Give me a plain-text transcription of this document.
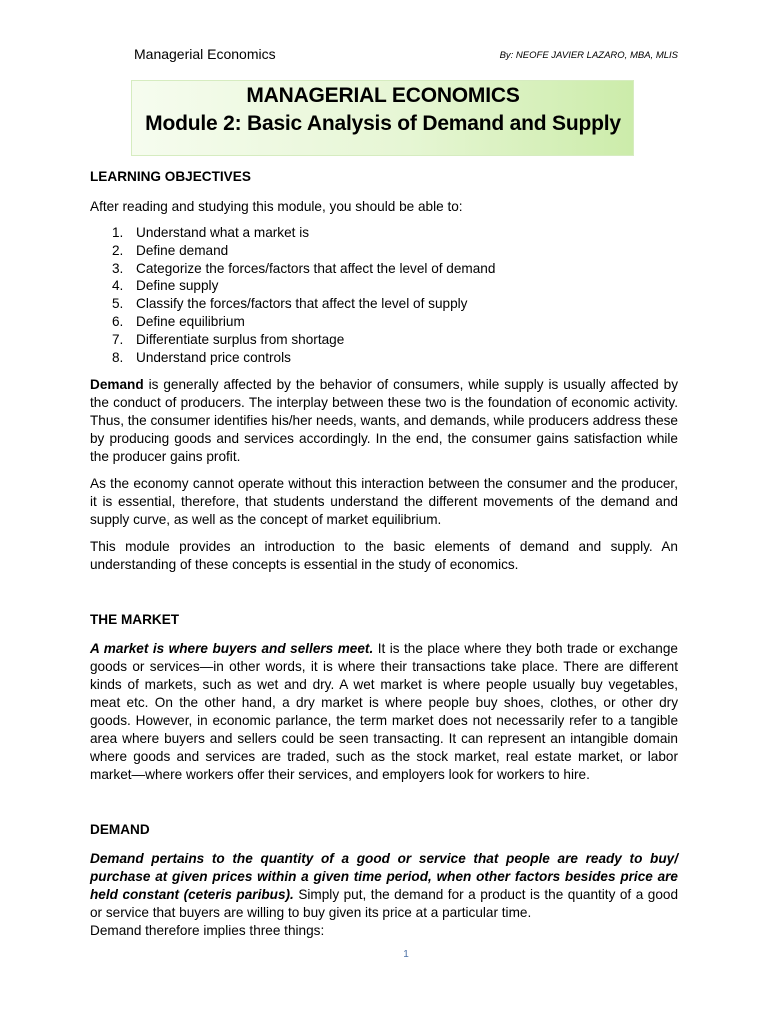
Managerial Economics	By: NEOFE JAVIER LAZARO, MBA, MLIS
MANAGERIAL ECONOMICS
Module 2: Basic Analysis of Demand and Supply
LEARNING OBJECTIVES

After reading and studying this module, you should be able to:

1. Understand what a market is
2. Define demand
3. Categorize the forces/factors that affect the level of demand
4. Define supply
5. Classify the forces/factors that affect the level of supply
6. Define equilibrium
7. Differentiate surplus from shortage
8. Understand price controls

Demand is generally affected by the behavior of consumers, while supply is usually affected by the conduct of producers. The interplay between these two is the foundation of economic activity. Thus, the consumer identifies his/her needs, wants, and demands, while producers address these by producing goods and services accordingly. In the end, the consumer gains satisfaction while the producer gains profit.

As the economy cannot operate without this interaction between the consumer and the producer, it is essential, therefore, that students understand the different movements of the demand and supply curve, as well as the concept of market equilibrium.

This module provides an introduction to the basic elements of demand and supply. An understanding of these concepts is essential in the study of economics.

THE MARKET

A market is where buyers and sellers meet. It is the place where they both trade or exchange goods or services—in other words, it is where their transactions take place. There are different kinds of markets, such as wet and dry. A wet market is where people usually buy vegetables, meat etc. On the other hand, a dry market is where people buy shoes, clothes, or other dry goods. However, in economic parlance, the term market does not necessarily refer to a tangible area where buyers and sellers could be seen transacting. It can represent an intangible domain where goods and services are traded, such as the stock market, real estate market, or labor market—where workers offer their services, and employers look for workers to hire.

DEMAND

Demand pertains to the quantity of a good or service that people are ready to buy/ purchase at given prices within a given time period, when other factors besides price are held constant (ceteris paribus). Simply put, the demand for a product is the quantity of a good or service that buyers are willing to buy given its price at a particular time.

Demand therefore implies three things:

1
